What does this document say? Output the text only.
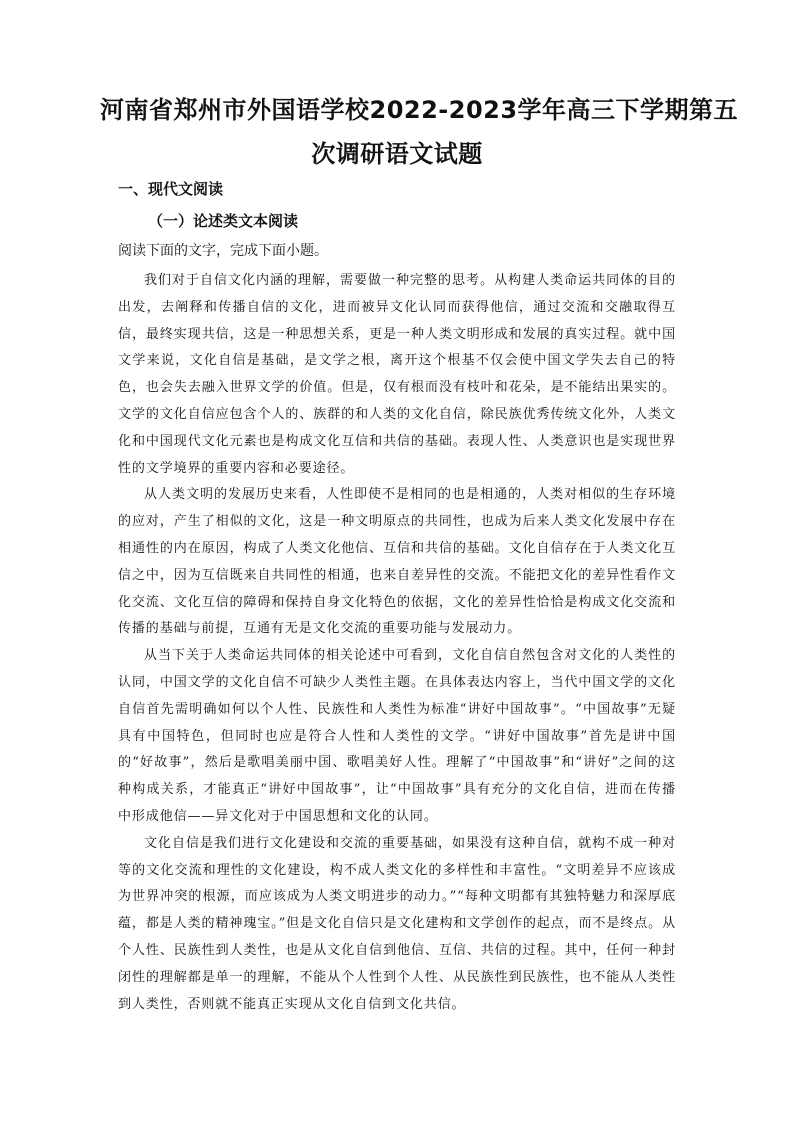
河南省郑州市外国语学校2022-2023学年高三下学期第五
次调研语文试题
一、现代文阅读
（一）论述类文本阅读

阅读下面的文字，完成下面小题。

我们对于自信文化内涵的理解，需要做一种完整的思考。从构建人类命运共同体的目的出发，去阐释和传播自信的文化，进而被异文化认同而获得他信，通过交流和交融取得互信，最终实现共信，这是一种思想关系，更是一种人类文明形成和发展的真实过程。就中国文学来说，文化自信是基础，是文学之根，离开这个根基不仅会使中国文学失去自己的特色，也会失去融入世界文学的价值。但是，仅有根而没有枝叶和花朵，是不能结出果实的。文学的文化自信应包含个人的、族群的和人类的文化自信，除民族优秀传统文化外，人类文化和中国现代文化元素也是构成文化互信和共信的基础。表现人性、人类意识也是实现世界性的文学境界的重要内容和必要途径。

从人类文明的发展历史来看，人性即使不是相同的也是相通的，人类对相似的生存环境的应对，产生了相似的文化，这是一种文明原点的共同性，也成为后来人类文化发展中存在相通性的内在原因，构成了人类文化他信、互信和共信的基础。文化自信存在于人类文化互信之中，因为互信既来自共同性的相通，也来自差异性的交流。不能把文化的差异性看作文化交流、文化互信的障碍和保持自身文化特色的依据，文化的差异性恰恰是构成文化交流和传播的基础与前提，互通有无是文化交流的重要功能与发展动力。

从当下关于人类命运共同体的相关论述中可看到，文化自信自然包含对文化的人类性的认同，中国文学的文化自信不可缺少人类性主题。在具体表达内容上，当代中国文学的文化自信首先需明确如何以个人性、民族性和人类性为标准“讲好中国故事”。“中国故事”无疑具有中国特色，但同时也应是符合人性和人类性的文学。“讲好中国故事”首先是讲中国的“好故事”，然后是歌唱美丽中国、歌唱美好人性。理解了“中国故事”和“讲好”之间的这种构成关系，才能真正“讲好中国故事”，让“中国故事”具有充分的文化自信，进而在传播中形成他信——异文化对于中国思想和文化的认同。

文化自信是我们进行文化建设和交流的重要基础，如果没有这种自信，就构不成一种对等的文化交流和理性的文化建设，构不成人类文化的多样性和丰富性。“文明差异不应该成为世界冲突的根源，而应该成为人类文明进步的动力。”“每种文明都有其独特魅力和深厚底蕴，都是人类的精神瑰宝。”但是文化自信只是文化建构和文学创作的起点，而不是终点。从个人性、民族性到人类性，也是从文化自信到他信、互信、共信的过程。其中，任何一种封闭性的理解都是单一的理解，不能从个人性到个人性、从民族性到民族性，也不能从人类性到人类性，否则就不能真正实现从文化自信到文化共信。
